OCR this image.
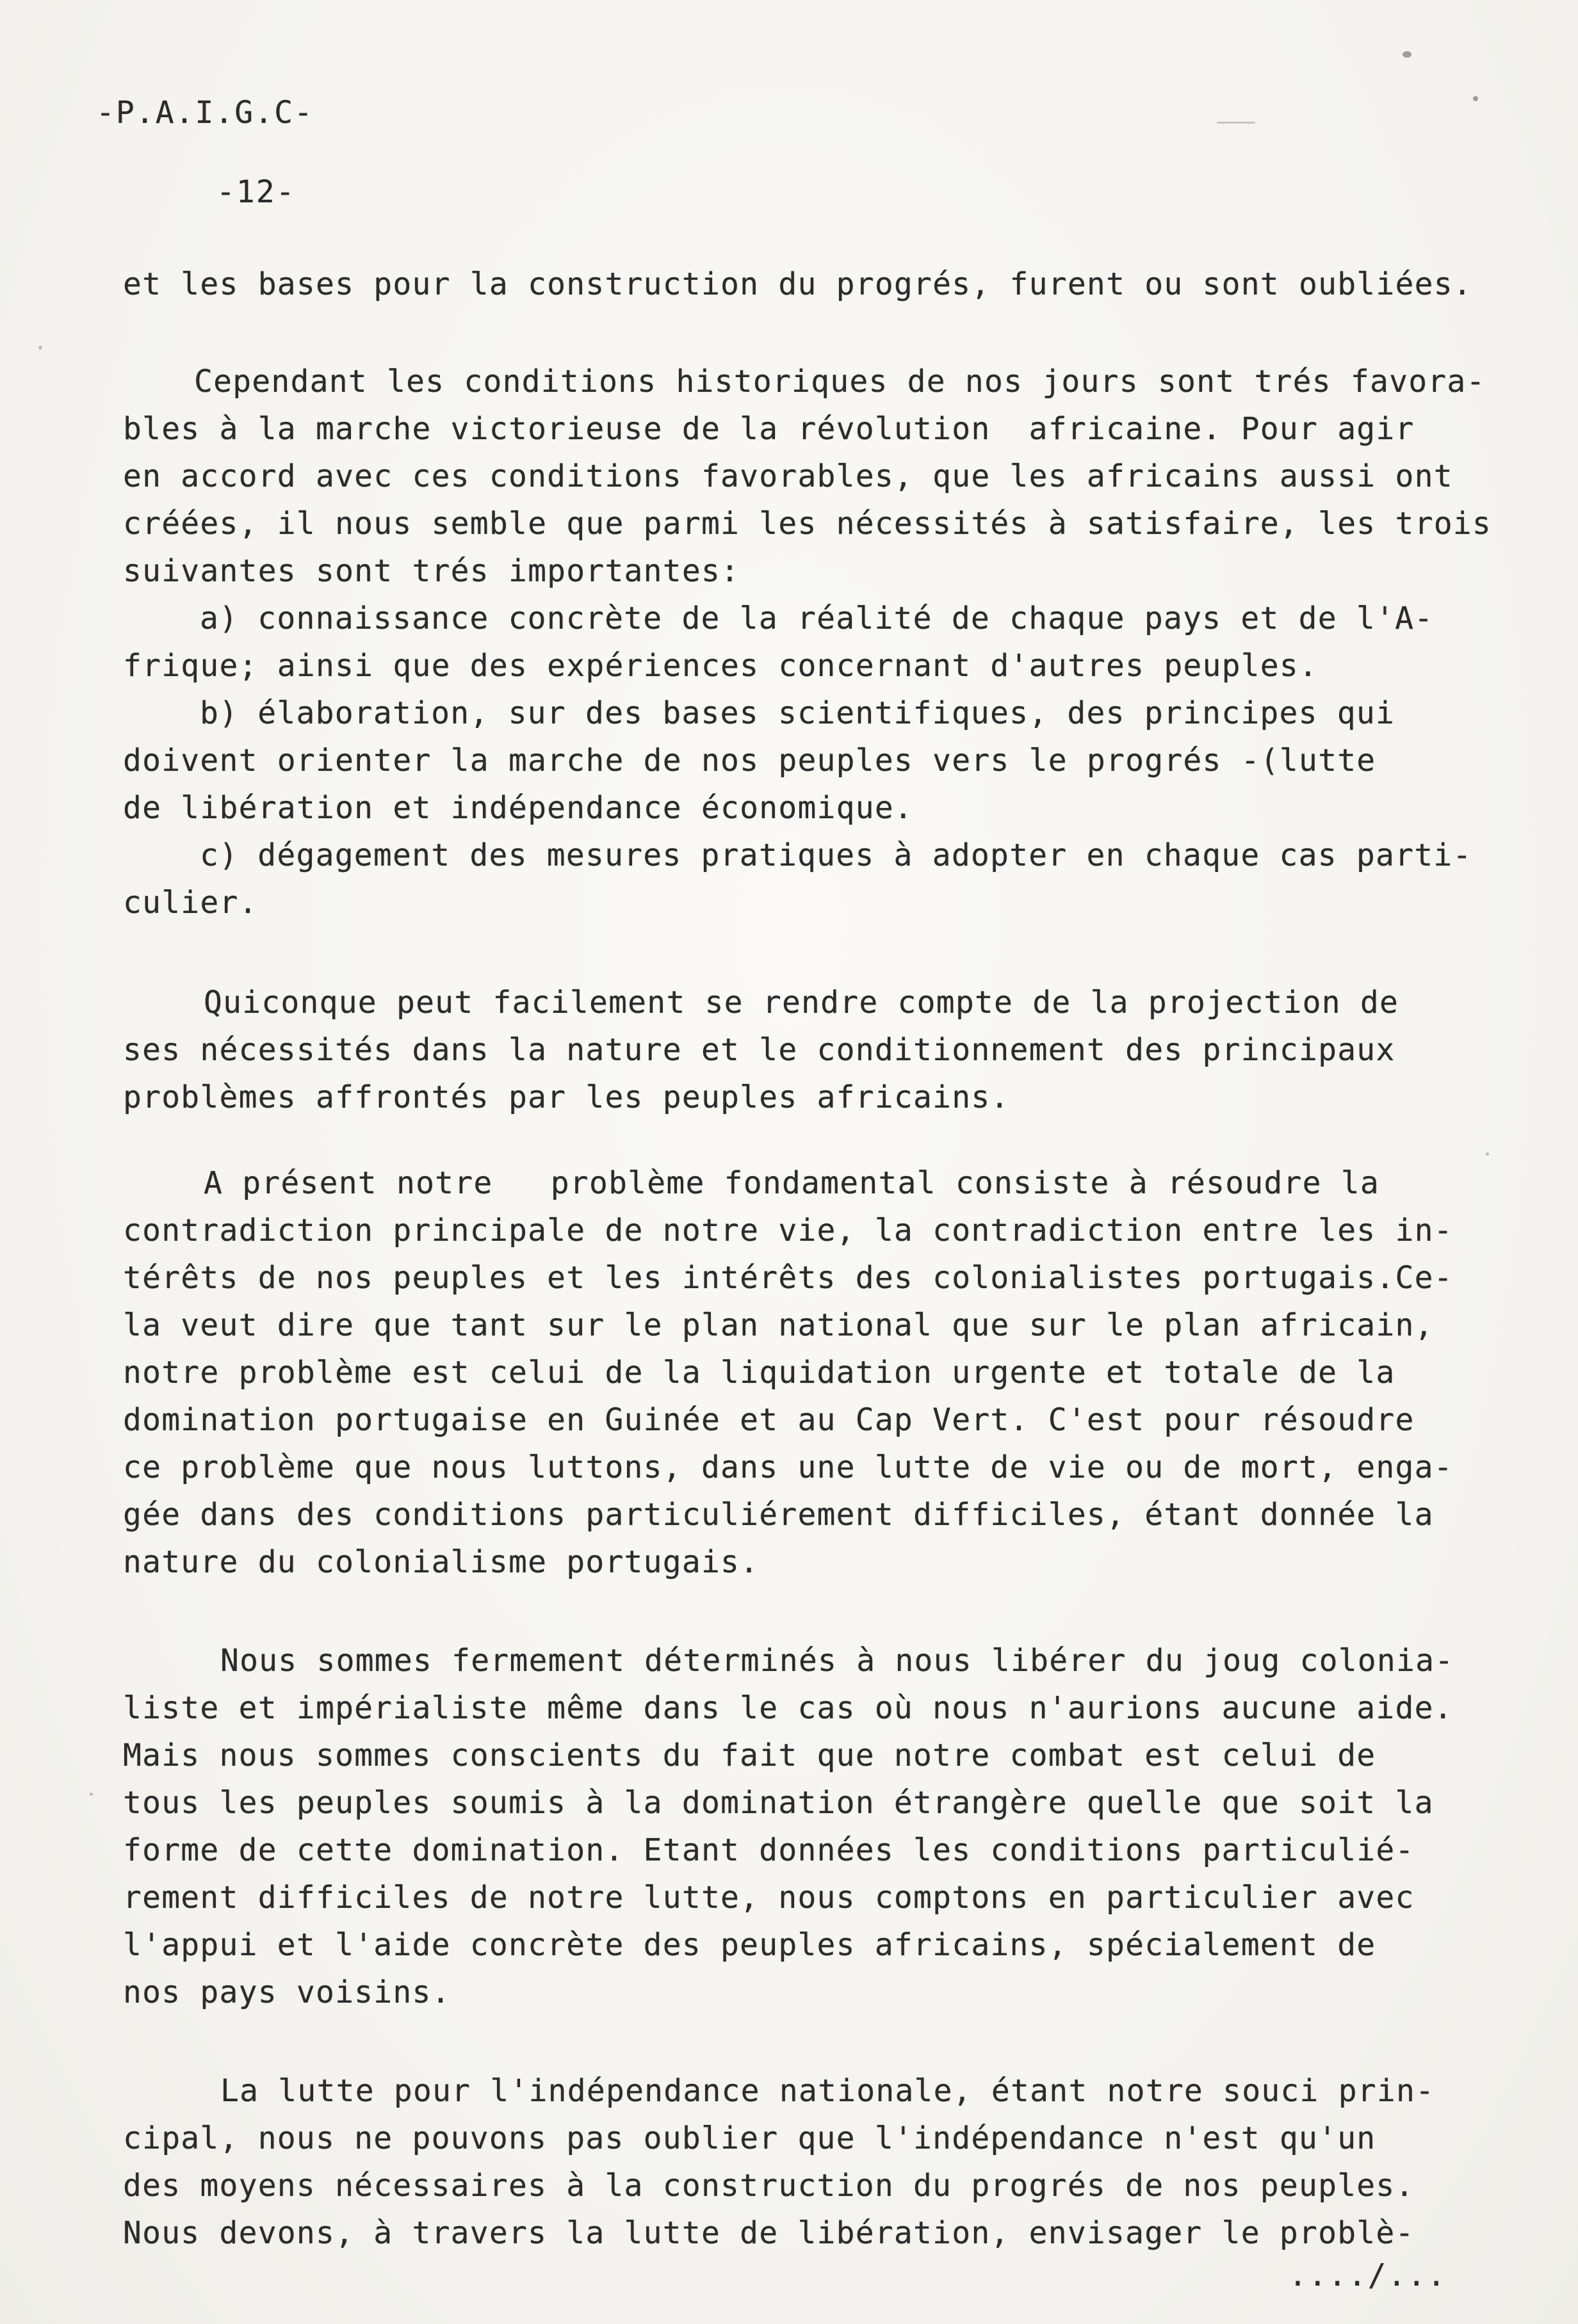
-P.A.I.G.C-
-12-
et les bases pour la construction du progrés, furent ou sont oubliées.
Cependant les conditions historiques de nos jours sont trés favora-
bles à la marche victorieuse de la révolution  africaine. Pour agir
en accord avec ces conditions favorables, que les africains aussi ont
créées, il nous semble que parmi les nécessités à satisfaire, les trois
suivantes sont trés importantes:
a) connaissance concrète de la réalité de chaque pays et de l'A-
frique; ainsi que des expériences concernant d'autres peuples.
b) élaboration, sur des bases scientifiques, des principes qui
doivent orienter la marche de nos peuples vers le progrés -(lutte
de libération et indépendance économique.
c) dégagement des mesures pratiques à adopter en chaque cas parti-
culier.
Quiconque peut facilement se rendre compte de la projection de
ses nécessités dans la nature et le conditionnement des principaux
problèmes affrontés par les peuples africains.
A présent notre   problème fondamental consiste à résoudre la
contradiction principale de notre vie, la contradiction entre les in-
térêts de nos peuples et les intérêts des colonialistes portugais.Ce-
la veut dire que tant sur le plan national que sur le plan africain,
notre problème est celui de la liquidation urgente et totale de la
domination portugaise en Guinée et au Cap Vert. C'est pour résoudre
ce problème que nous luttons, dans une lutte de vie ou de mort, enga-
gée dans des conditions particuliérement difficiles, étant donnée la
nature du colonialisme portugais.
Nous sommes fermement déterminés à nous libérer du joug colonia-
liste et impérialiste même dans le cas où nous n'aurions aucune aide.
Mais nous sommes conscients du fait que notre combat est celui de
tous les peuples soumis à la domination étrangère quelle que soit la
forme de cette domination. Etant données les conditions particulié-
rement difficiles de notre lutte, nous comptons en particulier avec
l'appui et l'aide concrète des peuples africains, spécialement de
nos pays voisins.
La lutte pour l'indépendance nationale, étant notre souci prin-
cipal, nous ne pouvons pas oublier que l'indépendance n'est qu'un
des moyens nécessaires à la construction du progrés de nos peuples.
Nous devons, à travers la lutte de libération, envisager le problè-
..../...
